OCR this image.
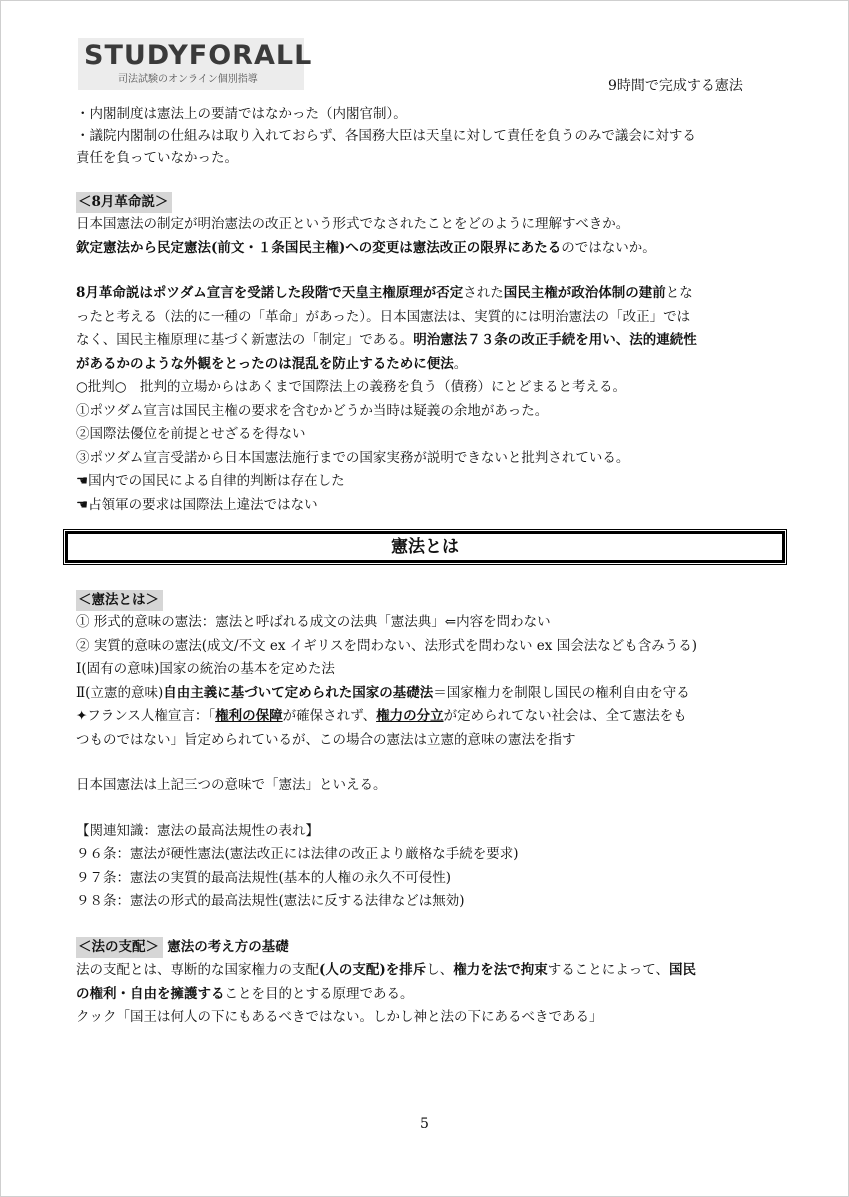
STUDYFORALL
司法試験のオンライン個別指導	9時間で完成する憲法
・内閣制度は憲法上の要請ではなかった（内閣官制）。
・議院内閣制の仕組みは取り入れておらず、各国務大臣は天皇に対して責任を負うのみで議会に対する
責任を負っていなかった。
＜8月革命説＞
日本国憲法の制定が明治憲法の改正という形式でなされたことをどのように理解すべきか。
欽定憲法から民定憲法(前文・１条国民主権)への変更は憲法改正の限界にあたるのではないか。
8月革命説はポツダム宣言を受諾した段階で天皇主権原理が否定された国民主権が政治体制の建前とな
ったと考える（法的に一種の「革命」があった）。日本国憲法は、実質的には明治憲法の「改正」では
なく、国民主権原理に基づく新憲法の「制定」である。明治憲法７３条の改正手続を用い、法的連続性
があるかのような外観をとったのは混乱を防止するために便法。
○批判○　批判的立場からはあくまで国際法上の義務を負う（債務）にとどまると考える。
①ポツダム宣言は国民主権の要求を含むかどうか当時は疑義の余地があった。
②国際法優位を前提とせざるを得ない
③ポツダム宣言受諾から日本国憲法施行までの国家実務が説明できないと批判されている。
☚国内での国民による自律的判断は存在した
☚占領軍の要求は国際法上違法ではない
憲法とは
＜憲法とは＞
① 形式的意味の憲法：憲法と呼ばれる成文の法典「憲法典」⇐内容を問わない
② 実質的意味の憲法(成文/不文 ex イギリスを問わない、法形式を問わない ex 国会法なども含みうる)
Ⅰ(固有の意味)国家の統治の基本を定めた法
Ⅱ(立憲的意味)自由主義に基づいて定められた国家の基礎法＝国家権力を制限し国民の権利自由を守る
✦フランス人権宣言：「権利の保障が確保されず、権力の分立が定められてない社会は、全て憲法をも
つものではない」旨定められているが、この場合の憲法は立憲的意味の憲法を指す
日本国憲法は上記三つの意味で「憲法」といえる。
【関連知識：憲法の最高法規性の表れ】
９６条：憲法が硬性憲法(憲法改正には法律の改正より厳格な手続を要求)
９７条：憲法の実質的最高法規性(基本的人権の永久不可侵性)
９８条：憲法の形式的最高法規性(憲法に反する法律などは無効)
＜法の支配＞ 憲法の考え方の基礎
法の支配とは、専断的な国家権力の支配(人の支配)を排斥し、権力を法で拘束することによって、国民
の権利・自由を擁護することを目的とする原理である。
クック「国王は何人の下にもあるべきではない。しかし神と法の下にあるべきである」
5
